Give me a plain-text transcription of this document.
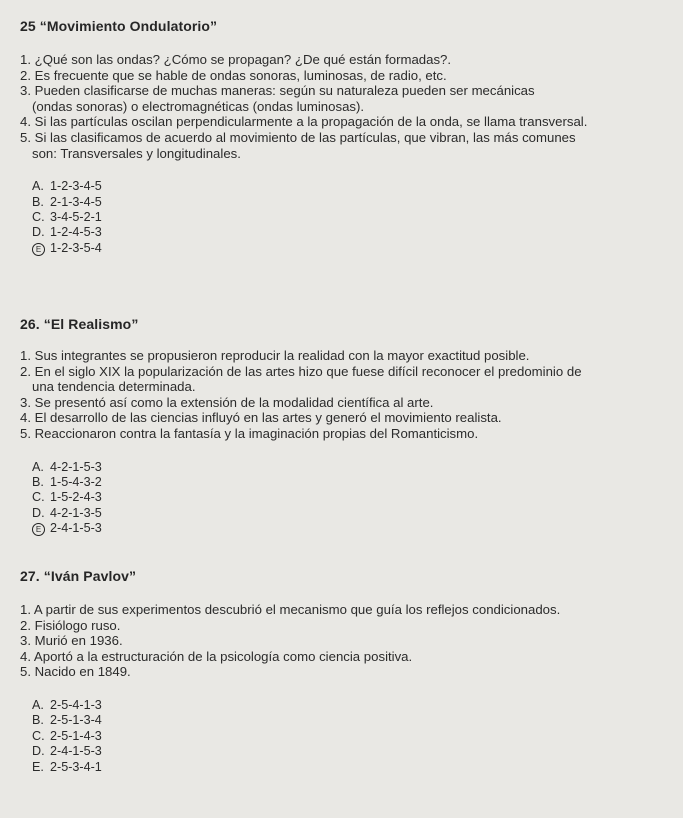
25 “Movimiento Ondulatorio”
1. ¿Qué son las ondas? ¿Cómo se propagan? ¿De qué están formadas?.
2. Es frecuente que se hable de ondas sonoras, luminosas, de radio, etc.
3. Pueden clasificarse de muchas maneras: según su naturaleza pueden ser mecánicas
(ondas sonoras) o electromagnéticas (ondas luminosas).
4. Si las partículas oscilan perpendicularmente a la propagación de la onda, se llama transversal.
5. Si las clasificamos de acuerdo al movimiento de las partículas, que vibran, las más comunes
son: Transversales y longitudinales.
A. 1-2-3-4-5
B. 2-1-3-4-5
C. 3-4-5-2-1
D. 1-2-4-5-3
E 1-2-3-5-4
26. “El Realismo”
1. Sus integrantes se propusieron reproducir la realidad con la mayor exactitud posible.
2. En el siglo XIX la popularización de las artes hizo que fuese difícil reconocer el predominio de
una tendencia determinada.
3. Se presentó así como la extensión de la modalidad científica al arte.
4. El desarrollo de las ciencias influyó en las artes y generó el movimiento realista.
5. Reaccionaron contra la fantasía y la imaginación propias del Romanticismo.
A. 4-2-1-5-3
B. 1-5-4-3-2
C. 1-5-2-4-3
D. 4-2-1-3-5
E 2-4-1-5-3
27. “Iván Pavlov”
1. A partir de sus experimentos descubrió el mecanismo que guía los reflejos condicionados.
2. Fisiólogo ruso.
3. Murió en 1936.
4. Aportó a la estructuración de la psicología como ciencia positiva.
5. Nacido en 1849.
A. 2-5-4-1-3
B. 2-5-1-3-4
C. 2-5-1-4-3
D. 2-4-1-5-3
E. 2-5-3-4-1
